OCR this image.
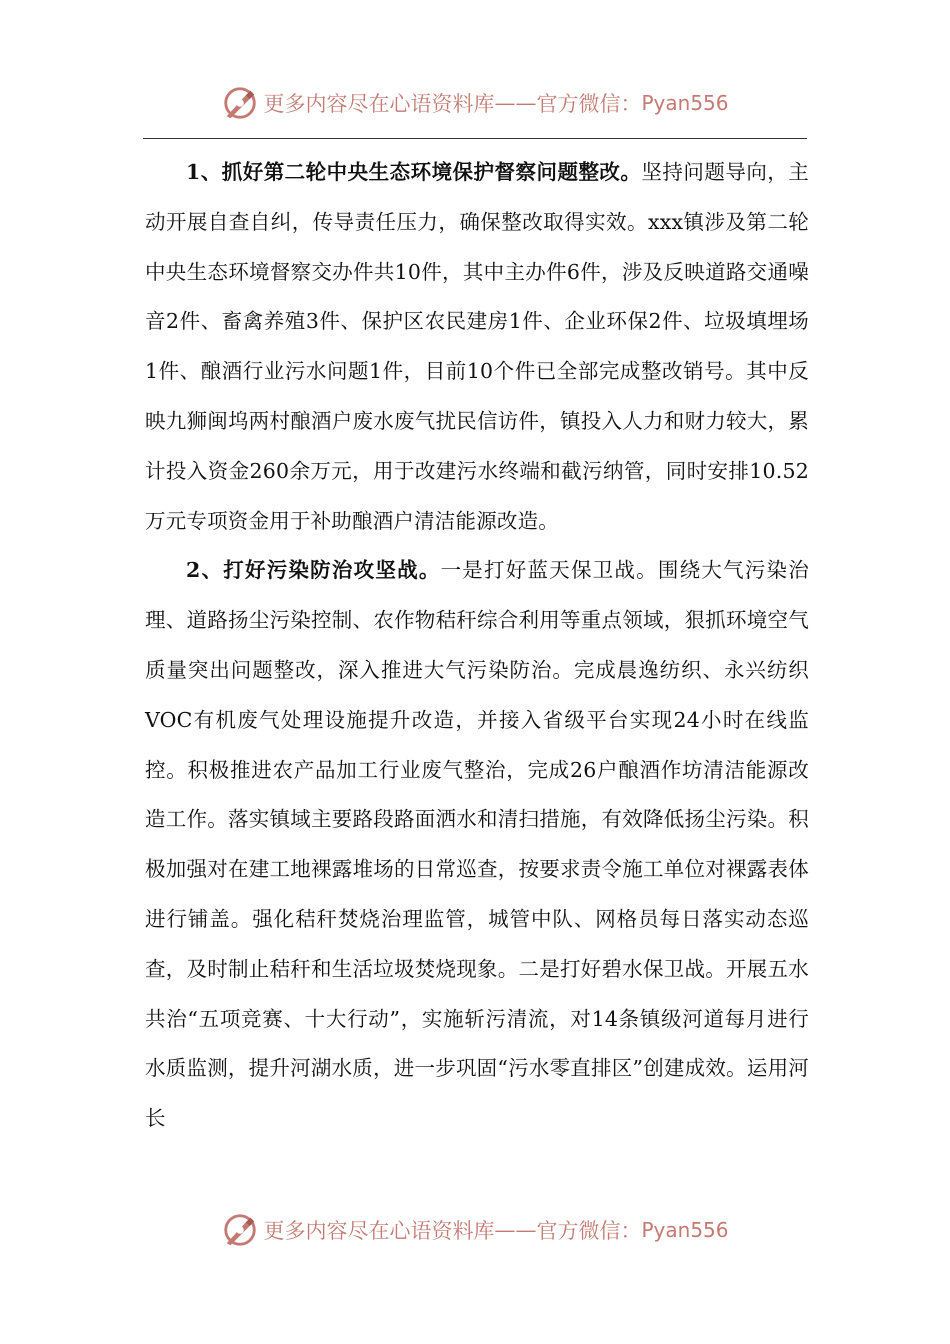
更多内容尽在心语资料库 —— 官方微信： Pyan556

1、抓好第二轮中央生态环境保护督察问题整改。坚持问题导向，主动开展自查自纠，传导责任压力，确保整改取得实效。xxx镇涉及第二轮中央生态环境督察交办件共10件，其中主办件6件，涉及反映道路交通噪音2件、畜禽养殖3件、保护区农民建房1件、企业环保2件、垃圾填埋场1件、酿酒行业污水问题1件，目前10个件已全部完成整改销号。其中反映九狮闽坞两村酿酒户废水废气扰民信访件，镇投入人力和财力较大，累计投入资金260余万元，用于改建污水终端和截污纳管，同时安排10.52万元专项资金用于补助酿酒户清洁能源改造。

2、打好污染防治攻坚战。一是打好蓝天保卫战。围绕大气污染治理、道路扬尘污染控制、农作物秸秆综合利用等重点领域，狠抓环境空气质量突出问题整改，深入推进大气污染防治。完成晨逸纺织、永兴纺织VOC有机废气处理设施提升改造，并接入省级平台实现24小时在线监控。积极推进农产品加工行业废气整治，完成26户酿酒作坊清洁能源改造工作。落实镇域主要路段路面洒水和清扫措施，有效降低扬尘污染。积极加强对在建工地裸露堆场的日常巡查，按要求责令施工单位对裸露表体进行铺盖。强化秸秆焚烧治理监管，城管中队、网格员每日落实动态巡查，及时制止秸秆和生活垃圾焚烧现象。二是打好碧水保卫战。开展五水共治“五项竞赛、十大行动”，实施斩污清流，对14条镇级河道每月进行水质监测，提升河湖水质，进一步巩固“污水零直排区”创建成效。运用河长

更多内容尽在心语资料库 —— 官方微信： Pyan556
